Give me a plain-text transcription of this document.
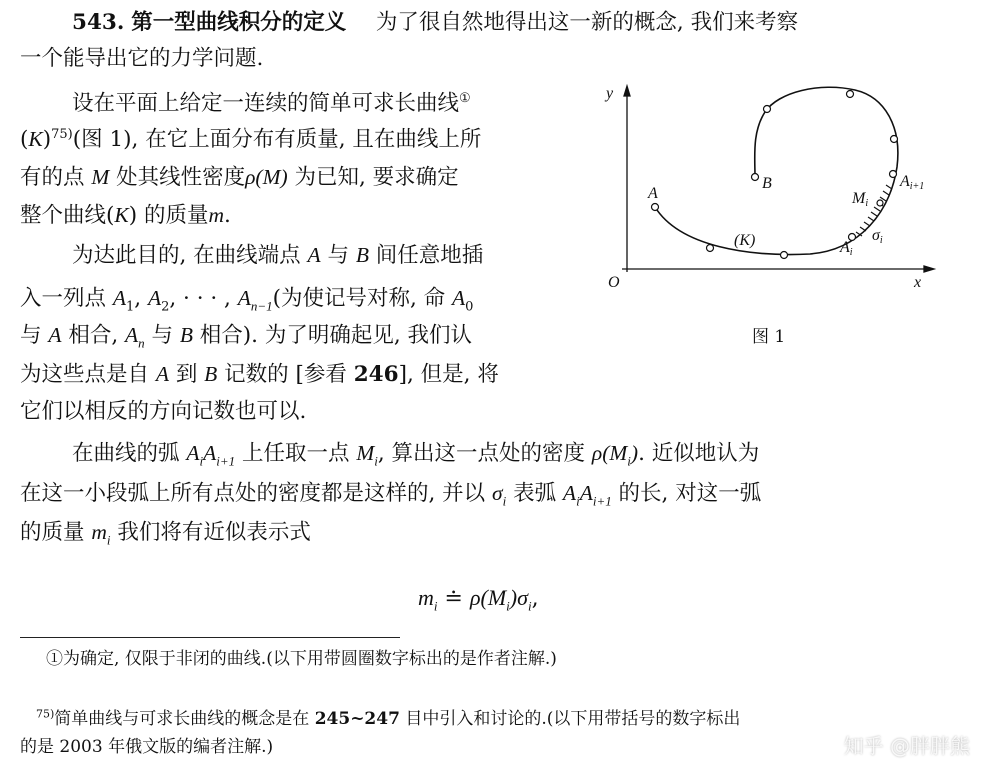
543. 第一型曲线积分的定义 为了很自然地得出这一新的概念, 我们来考察
一个能导出它的力学问题.
设在平面上给定一连续的简单可求长曲线①
$(K)^{75)}$(图 1), 在它上面分布有质量, 且在曲线上所
有的点 M 处其线性密度ρ(M) 为已知, 要求确定
整个曲线(K) 的质量m.
为达此目的, 在曲线端点 A 与 B 间任意地插
入一列点 $A_1$, $A_2$, · · · , $A_{n-1}$(为使记号对称, 命 $A_0$
与 A 相合, $A_n$ 与 B 相合). 为了明确起见, 我们认
为这些点是自 A 到 B 记数的 [参看 246], 但是, 将
它们以相反的方向记数也可以.
在曲线的弧 $A_iA_{i+1}$ 上任取一点 $M_i$, 算出这一点处的密度 $\rho(M_i)$. 近似地认为
在这一小段弧上所有点处的密度都是这样的, 并以 $\sigma_i$ 表弧 $A_iA_{i+1}$ 的长, 对这一弧
的质量 $m_i$ 我们将有近似表示式
$m_i$ ≐ $\rho(M_i)\sigma_i$,
y
x
O
A
B
(K)	Ai
Mi
Ai+1
σi
图 1
①为确定, 仅限于非闭的曲线.(以下用带圆圈数字标出的是作者注解.)
$^{75)}$简单曲线与可求长曲线的概念是在 245~247 目中引入和讨论的.(以下用带括号的数字标出
的是 2003 年俄文版的编者注解.)	知乎 @胖胖熊
